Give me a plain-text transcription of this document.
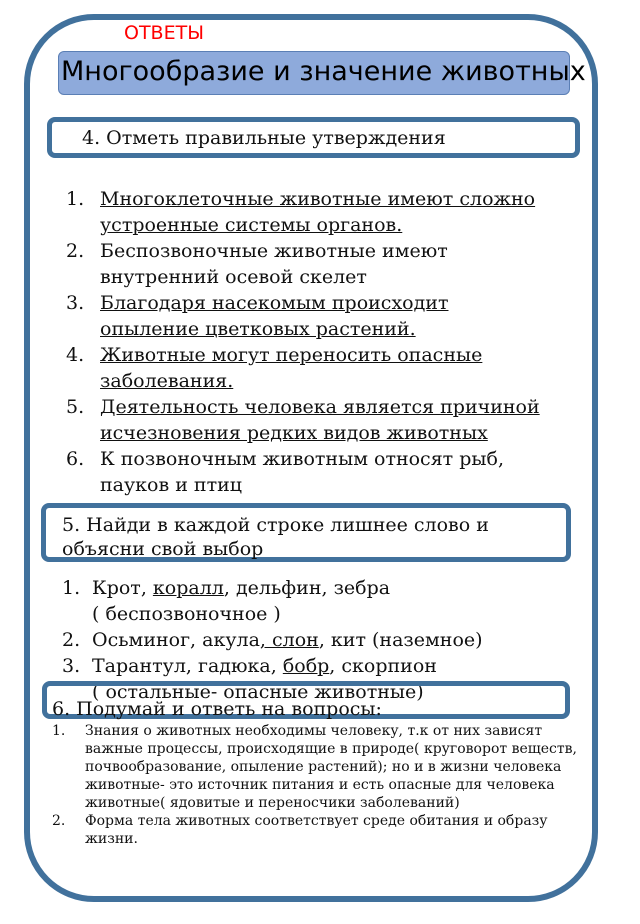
ОТВЕТЫ
Многообразие и значение животных
4. Отметь правильные утверждения
1. Многоклеточные животные имеют сложно устроенные системы органов.
2. Беспозвоночные животные имеют внутренний осевой скелет
3. Благодаря насекомым происходит опыление цветковых растений.
4. Животные могут переносить опасные заболевания.
5. Деятельность человека является причиной исчезновения редких видов животных
6. К позвоночным животным относят рыб, пауков и птиц
5. Найди в каждой строке лишнее слово и объясни свой выбор
1. Крот, коралл, дельфин, зебра
( беспозвоночное )
2. Осьминог, акула, слон, кит (наземное)
3. Тарантул, гадюка, бобр, скорпион
( остальные- опасные животные)
6. Подумай и ответь на вопросы:
1. Знания о животных необходимы человеку, т.к от них зависят важные процессы, происходящие в природе( круговорот веществ, почвообразование, опыление растений); но и в жизни человека животные- это источник питания и есть опасные для человека животные( ядовитые и переносчики заболеваний)
2. Форма тела животных соответствует среде обитания и образу жизни.
